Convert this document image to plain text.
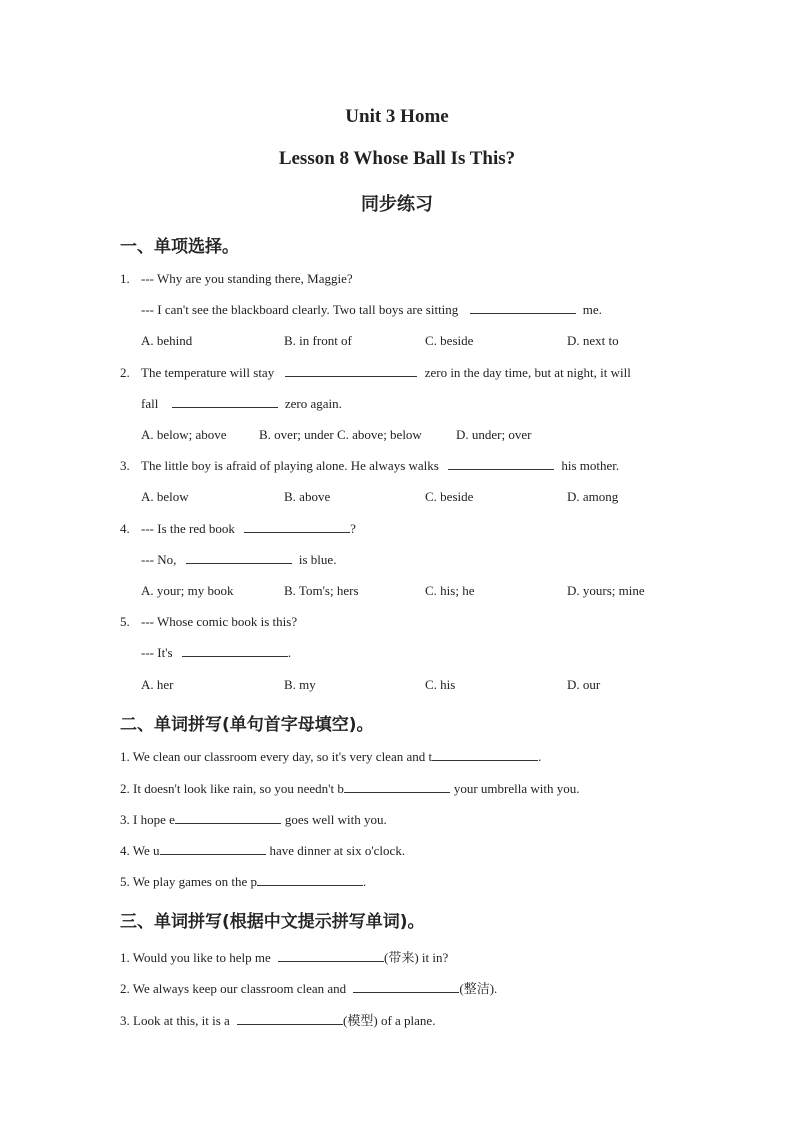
Unit 3 Home
Lesson 8 Whose Ball Is This?
同步练习
一、单项选择。
1. --- Why are you standing there, Maggie?
--- I can't see the blackboard clearly. Two tall boys are sitting	me.
A. behind	B. in front of	C. beside	D. next to
2. The temperature will stay	zero in the day time, but at night, it will
fall	zero again.
A. below; above B. over; under C. above; below	D. under; over
3. The little boy is afraid of playing alone. He always walks	his mother.
A. below	B. above	C. beside	D. among
4. --- Is the red book	?
--- No,	is blue.
A. your; my book	B. Tom's; hers	C. his; he	D. yours; mine
5. --- Whose comic book is this?
--- It's	.
A. her	B. my	C. his	D. our
二、单词拼写(单句首字母填空)。
1. We clean our classroom every day, so it's very clean and t	.
2. It doesn't look like rain, so you needn't b	your umbrella with you.
3. I hope e	goes well with you.
4. We u	have dinner at six o'clock.
5. We play games on the p	.
三、单词拼写(根据中文提示拼写单词)。
1. Would you like to help me	(带来) it in?
2. We always keep our classroom clean and	(整洁).
3. Look at this, it is a	(模型) of a plane.
